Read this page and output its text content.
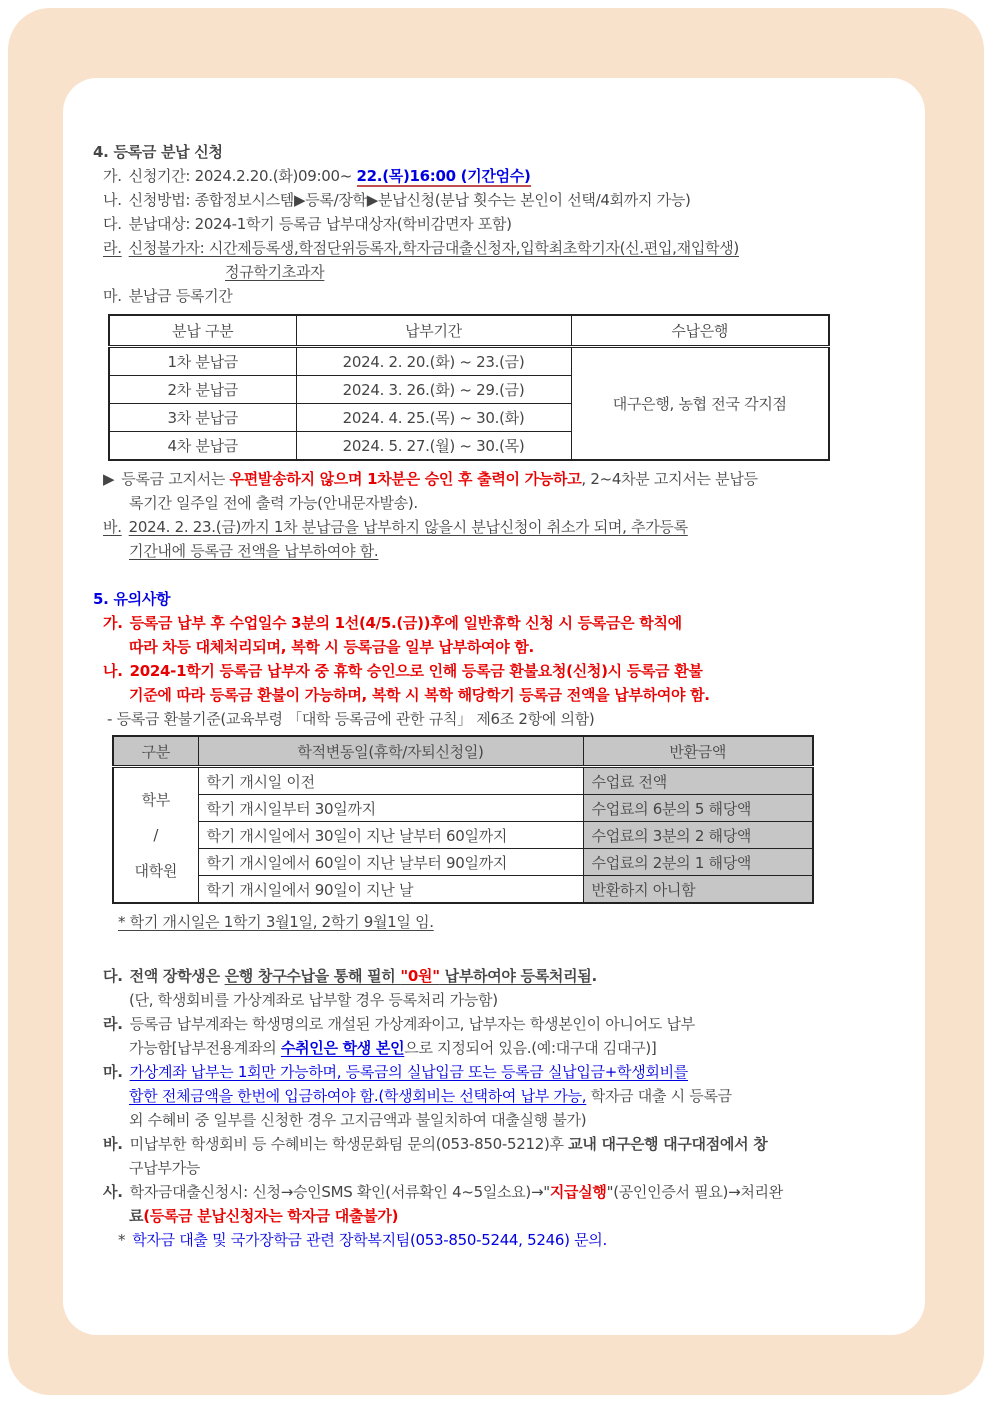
4. 등록금 분납 신청
가. 신청기간: 2024.2.20.(화)09:00~ 22.(목)16:00 (기간엄수)
나. 신청방법: 종합정보시스템▶등록/장학▶분납신청(분납 횟수는 본인이 선택/4회까지 가능)
다. 분납대상: 2024-1학기 등록금 납부대상자(학비감면자 포함)
라. 신청불가자: 시간제등록생,학점단위등록자,학자금대출신청자,입학최초학기자(신.편입,재입학생)
정규학기초과자
마. 분납금 등록기간
분납 구분	납부기간	수납은행
1차 분납금	2024. 2. 20.(화) ~ 23.(금)	대구은행, 농협 전국 각지점
2차 분납금	2024. 3. 26.(화) ~ 29.(금)	
3차 분납금	2024. 4. 25.(목) ~ 30.(화)	
4차 분납금	2024. 5. 27.(월) ~ 30.(목)	
▶ 등록금 고지서는 우편발송하지 않으며 1차분은 승인 후 출력이 가능하고, 2~4차분 고지서는 분납등
록기간 일주일 전에 출력 가능(안내문자발송).
바. 2024. 2. 23.(금)까지 1차 분납금을 납부하지 않을시 분납신청이 취소가 되며, 추가등록
기간내에 등록금 전액을 납부하여야 함.
5. 유의사항
가. 등록금 납부 후 수업일수 3분의 1선(4/5.(금))후에 일반휴학 신청 시 등록금은 학칙에
따라 차등 대체처리되며, 복학 시 등록금을 일부 납부하여야 함.
나. 2024-1학기 등록금 납부자 중 휴학 승인으로 인해 등록금 환불요청(신청)시 등록금 환불
기준에 따라 등록금 환불이 가능하며, 복학 시 복학 해당학기 등록금 전액을 납부하여야 함.
- 등록금 환불기준(교육부령 「대학 등록금에 관한 규칙」 제6조 2항에 의함)
구분	학적변동일(휴학/자퇴신청일)	반환금액

학부
/
대학원	학기 개시일 이전	수업료 전액
	학기 개시일부터 30일까지	수업료의 6분의 5 해당액
	학기 개시일에서 30일이 지난 날부터 60일까지	수업료의 3분의 2 해당액
	학기 개시일에서 60일이 지난 날부터 90일까지	수업료의 2분의 1 해당액
	학기 개시일에서 90일이 지난 날	반환하지 아니함
* 학기 개시일은 1학기 3월1일, 2학기 9월1일 임.
다. 전액 장학생은 은행 창구수납을 통해 필히 "0원" 납부하여야 등록처리됨.
(단, 학생회비를 가상계좌로 납부할 경우 등록처리 가능함)
라. 등록금 납부계좌는 학생명의로 개설된 가상계좌이고, 납부자는 학생본인이 아니어도 납부
가능함[납부전용계좌의 수취인은 학생 본인으로 지정되어 있음.(예:대구대 김대구)]
마. 가상계좌 납부는 1회만 가능하며, 등록금의 실납입금 또는 등록금 실납입금+학생회비를
합한 전체금액을 한번에 입금하여야 함.(학생회비는 선택하여 납부 가능, 학자금 대출 시 등록금
외 수혜비 중 일부를 신청한 경우 고지금액과 불일치하여 대출실행 불가)
바. 미납부한 학생회비 등 수혜비는 학생문화팀 문의(053-850-5212)후 교내 대구은행 대구대점에서 창
구납부가능
사. 학자금대출신청시: 신청→승인SMS 확인(서류확인 4~5일소요)→"지급실행"(공인인증서 필요)→처리완
료(등록금 분납신청자는 학자금 대출불가)
* 학자금 대출 및 국가장학금 관련 장학복지팀(053-850-5244, 5246) 문의.
